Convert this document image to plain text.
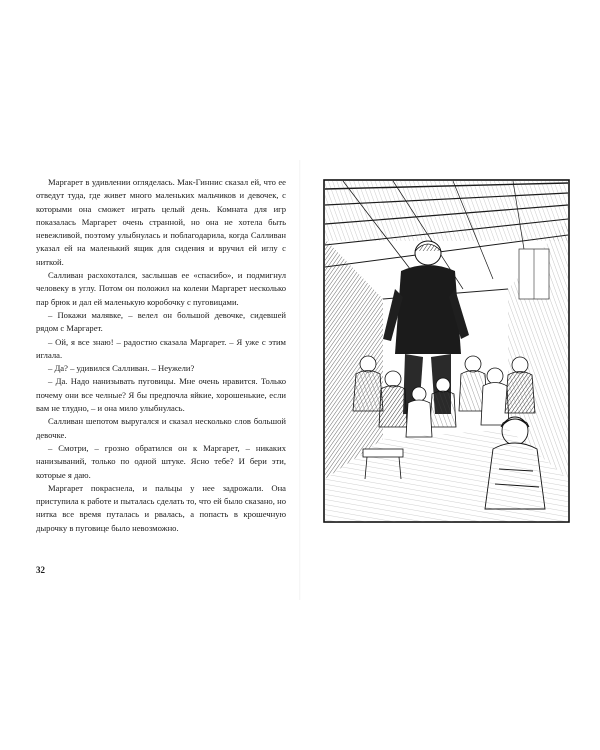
Маргарет в удивлении огляделась. Мак-Гиннис сказал ей, что ее отведут туда, где живет много маленьких мальчиков и девочек, с которыми она сможет играть целый день. Комната для игр показалась Маргарет очень странной, но она не хотела быть невежливой, поэтому улыбнулась и поблагодарила, когда Салливан указал ей на маленький ящик для сидения и вручил ей иглу с ниткой.

Салливан расхохотался, заслышав ее «спасибо», и подмигнул человеку в углу. Потом он положил на колени Маргарет несколько пар брюк и дал ей маленькую коробочку с пуговицами.

– Покажи малявке, – велел он большой девочке, сидевшей рядом с Маргарет.

– Ой, я все знаю! – радостно сказала Маргарет. – Я уже с этим иглала.

– Да? – удивился Салливан. – Неужели?

– Да. Надо нанизывать пуговицы. Мне очень нравится. Только почему они все челные? Я бы предпочла яйкие, хорошенькие, если вам не тлудно, – и она мило улыбнулась.

Салливан шепотом выругался и сказал несколько слов большой девочке.

– Смотри, – грозно обратился он к Маргарет, – никаких нанизываний, только по одной штуке. Ясно тебе? И бери эти, которые я даю.

Маргарет покраснела, и пальцы у нее задрожали. Она приступила к работе и пыталась сделать то, что ей было сказано, но нитка все время путалась и рвалась, а попасть в крошечную дырочку в пуговице было невозможно.

32
